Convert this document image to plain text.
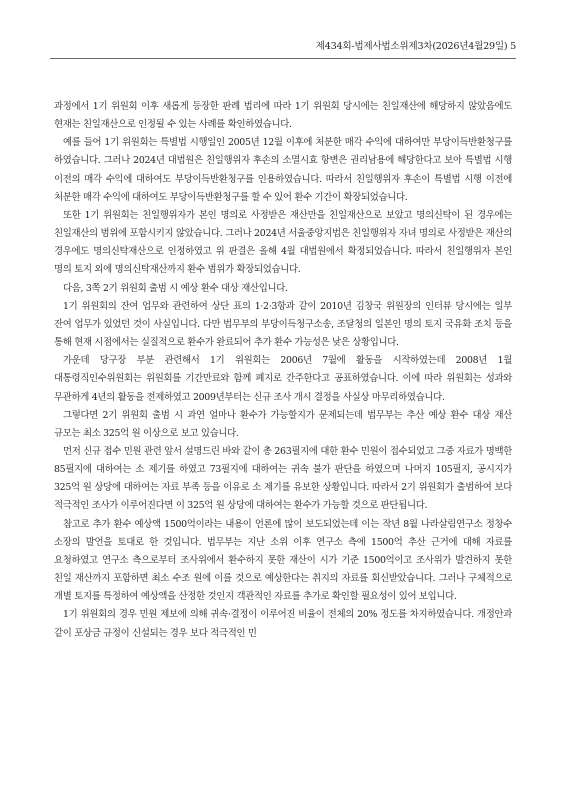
제434회-법제사법소위제3차(2026년4월29일) 5

과정에서 1기 위원회 이후 새롭게 등장한 판례 법리에 따라 1기 위원회 당시에는 친일재산에 해당하지 않았음에도 현재는 친일재산으로 인정될 수 있는 사례를 확인하였습니다.

예를 들어 1기 위원회는 특별법 시행일인 2005년 12월 이후에 처분한 매각 수익에 대하여만 부당이득반환청구를 하였습니다. 그러나 2024년 대법원은 친일행위자 후손의 소멸시효 항변은 권리남용에 해당한다고 보아 특별법 시행 이전의 매각 수익에 대하여도 부당이득반환청구를 인용하였습니다. 따라서 친일행위자 후손이 특별법 시행 이전에 처분한 매각 수익에 대하여도 부당이득반환청구를 할 수 있어 환수 기간이 확장되었습니다.

또한 1기 위원회는 친일행위자가 본인 명의로 사정받은 재산만을 친일재산으로 보았고 명의신탁이 된 경우에는 친일재산의 범위에 포함시키지 않았습니다. 그러나 2024년 서울중앙지법은 친일행위자 자녀 명의로 사정받은 재산의 경우에도 명의신탁재산으로 인정하였고 위 판결은 올해 4월 대법원에서 확정되었습니다. 따라서 친일행위자 본인 명의 토지 외에 명의신탁재산까지 환수 범위가 확장되었습니다.

다음, 3쪽 2기 위원회 출범 시 예상 환수 대상 재산입니다.

1기 위원회의 잔여 업무와 관련하여 상단 표의 1·2·3항과 같이 2010년 김창국 위원장의 인터뷰 당시에는 일부 잔여 업무가 있었던 것이 사실입니다. 다만 법무부의 부당이득청구소송, 조달청의 일본인 명의 토지 국유화 조치 등을 통해 현재 시점에서는 실질적으로 환수가 완료되어 추가 환수 가능성은 낮은 상황입니다.

가운데 당구장 부분 관련해서 1기 위원회는 2006년 7월에 활동을 시작하였는데 2008년 1월 대통령직인수위원회는 위원회를 기간만료와 함께 폐지로 간주한다고 공표하였습니다. 이에 따라 위원회는 성과와 무관하게 4년의 활동을 전제하였고 2009년부터는 신규 조사 개시 결정을 사실상 마무리하였습니다.

그렇다면 2기 위원회 출범 시 과연 얼마나 환수가 가능할지가 문제되는데 법무부는 추산 예상 환수 대상 재산 규모는 최소 325억 원 이상으로 보고 있습니다.

먼저 신규 접수 민원 관련 앞서 설명드린 바와 같이 총 263필지에 대한 환수 민원이 접수되었고 그중 자료가 명백한 85필지에 대하여는 소 제기를 하였고 73필지에 대하여는 귀속 불가 판단을 하였으며 나머지 105필지, 공시지가 325억 원 상당에 대하여는 자료 부족 등을 이유로 소 제기를 유보한 상황입니다. 따라서 2기 위원회가 출범하여 보다 적극적인 조사가 이루어진다면 이 325억 원 상당에 대하여는 환수가 가능할 것으로 판단됩니다.

참고로 추가 환수 예상액 1500억이라는 내용이 언론에 많이 보도되었는데 이는 작년 8월 나라살림연구소 정창수 소장의 발언을 토대로 한 것입니다. 법무부는 지난 소위 이후 연구소 측에 1500억 추산 근거에 대해 자료를 요청하였고 연구소 측으로부터 조사위에서 환수하지 못한 재산이 시가 기준 1500억이고 조사위가 발견하지 못한 친일 재산까지 포함하면 최소 수조 원에 이를 것으로 예상한다는 취지의 자료를 회신받았습니다. 그러나 구체적으로 개별 토지를 특정하여 예상액을 산정한 것인지 객관적인 자료를 추가로 확인할 필요성이 있어 보입니다.

1기 위원회의 경우 민원 제보에 의해 귀속·결정이 이루어진 비율이 전체의 20% 정도를 차지하였습니다. 개정안과 같이 포상금 규정이 신설되는 경우 보다 적극적인 민
